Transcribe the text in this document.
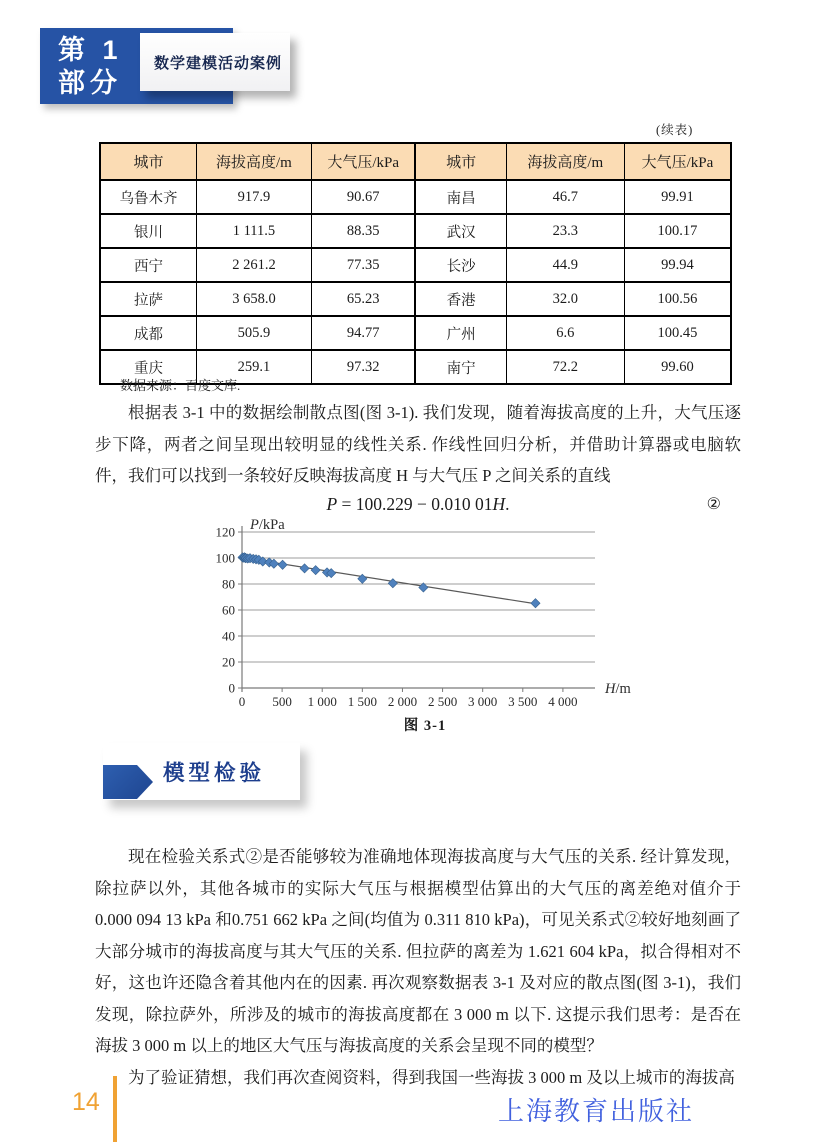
第 1
部分
数学建模活动案例
(续表)
城市	海拔高度/m	大气压/kPa	城市	海拔高度/m	大气压/kPa
乌鲁木齐	917.9	90.67	南昌	46.7	99.91
银川	1 111.5	88.35	武汉	23.3	100.17
西宁	2 261.2	77.35	长沙	44.9	99.94
拉萨	3 658.0	65.23	香港	32.0	100.56
成都	505.9	94.77	广州	6.6	100.45
重庆	259.1	97.32	南宁	72.2	99.60
数据来源：百度文库.

根据表 3-1 中的数据绘制散点图(图 3-1). 我们发现，随着海拔高度的上升，大气压逐步下降，两者之间呈现出较明显的线性关系. 作线性回归分析，并借助计算器或电脑软件，我们可以找到一条较好反映海拔高度 H 与大气压 P 之间关系的直线

P = 100.229 − 0.010 01H.	②
0
20
40
60
80
100
120
0 500 1 000 1 500 2 000 2 500 3 000 3 500 4 000
P/kPa
H/m
图 3-1
模型检验

现在检验关系式②是否能够较为准确地体现海拔高度与大气压的关系. 经计算发现，除拉萨以外，其他各城市的实际大气压与根据模型估算出的大气压的离差绝对值介于 0.000 094 13 kPa 和0.751 662 kPa 之间(均值为 0.311 810 kPa)，可见关系式②较好地刻画了大部分城市的海拔高度与其大气压的关系. 但拉萨的离差为 1.621 604 kPa，拟合得相对不好，这也许还隐含着其他内在的因素. 再次观察数据表 3-1 及对应的散点图(图 3-1)，我们发现，除拉萨外，所涉及的城市的海拔高度都在 3 000 m 以下. 这提示我们思考：是否在海拔 3 000 m 以上的地区大气压与海拔高度的关系会呈现不同的模型？

为了验证猜想，我们再次查阅资料，得到我国一些海拔 3 000 m 及以上城市的海拔高

14	上海教育出版社
